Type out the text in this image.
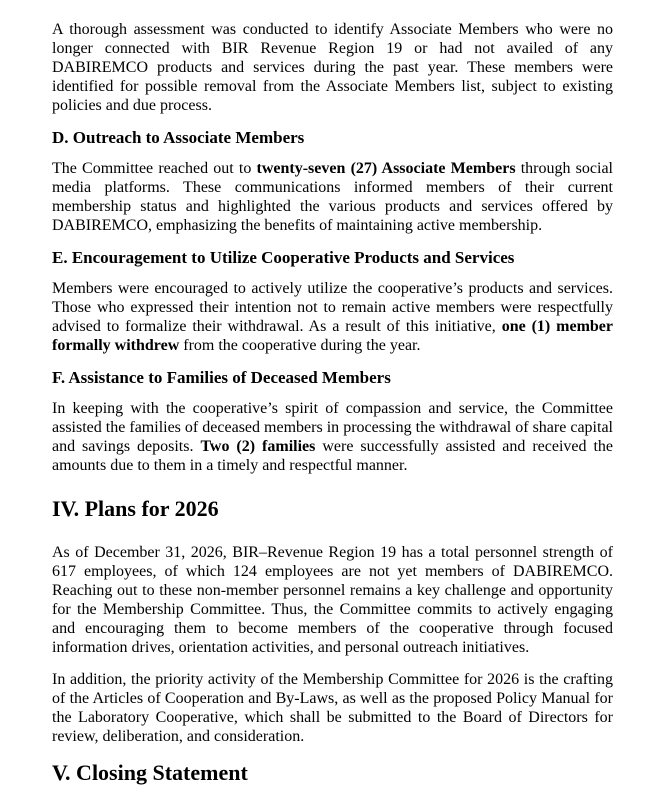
A thorough assessment was conducted to identify Associate Members who were no longer connected with BIR Revenue Region 19 or had not availed of any DABIREMCO products and services during the past year. These members were identified for possible removal from the Associate Members list, subject to existing policies and due process.

D. Outreach to Associate Members

The Committee reached out to twenty-seven (27) Associate Members through social media platforms. These communications informed members of their current membership status and highlighted the various products and services offered by DABIREMCO, emphasizing the benefits of maintaining active membership.

E. Encouragement to Utilize Cooperative Products and Services

Members were encouraged to actively utilize the cooperative’s products and services. Those who expressed their intention not to remain active members were respectfully advised to formalize their withdrawal. As a result of this initiative, one (1) member formally withdrew from the cooperative during the year.

F. Assistance to Families of Deceased Members

In keeping with the cooperative’s spirit of compassion and service, the Committee assisted the families of deceased members in processing the withdrawal of share capital and savings deposits. Two (2) families were successfully assisted and received the amounts due to them in a timely and respectful manner.

IV. Plans for 2026

As of December 31, 2026, BIR–Revenue Region 19 has a total personnel strength of 617 employees, of which 124 employees are not yet members of DABIREMCO. Reaching out to these non-member personnel remains a key challenge and opportunity for the Membership Committee. Thus, the Committee commits to actively engaging and encouraging them to become members of the cooperative through focused information drives, orientation activities, and personal outreach initiatives.

In addition, the priority activity of the Membership Committee for 2026 is the crafting of the Articles of Cooperation and By-Laws, as well as the proposed Policy Manual for the Laboratory Cooperative, which shall be submitted to the Board of Directors for review, deliberation, and consideration.

V. Closing Statement
